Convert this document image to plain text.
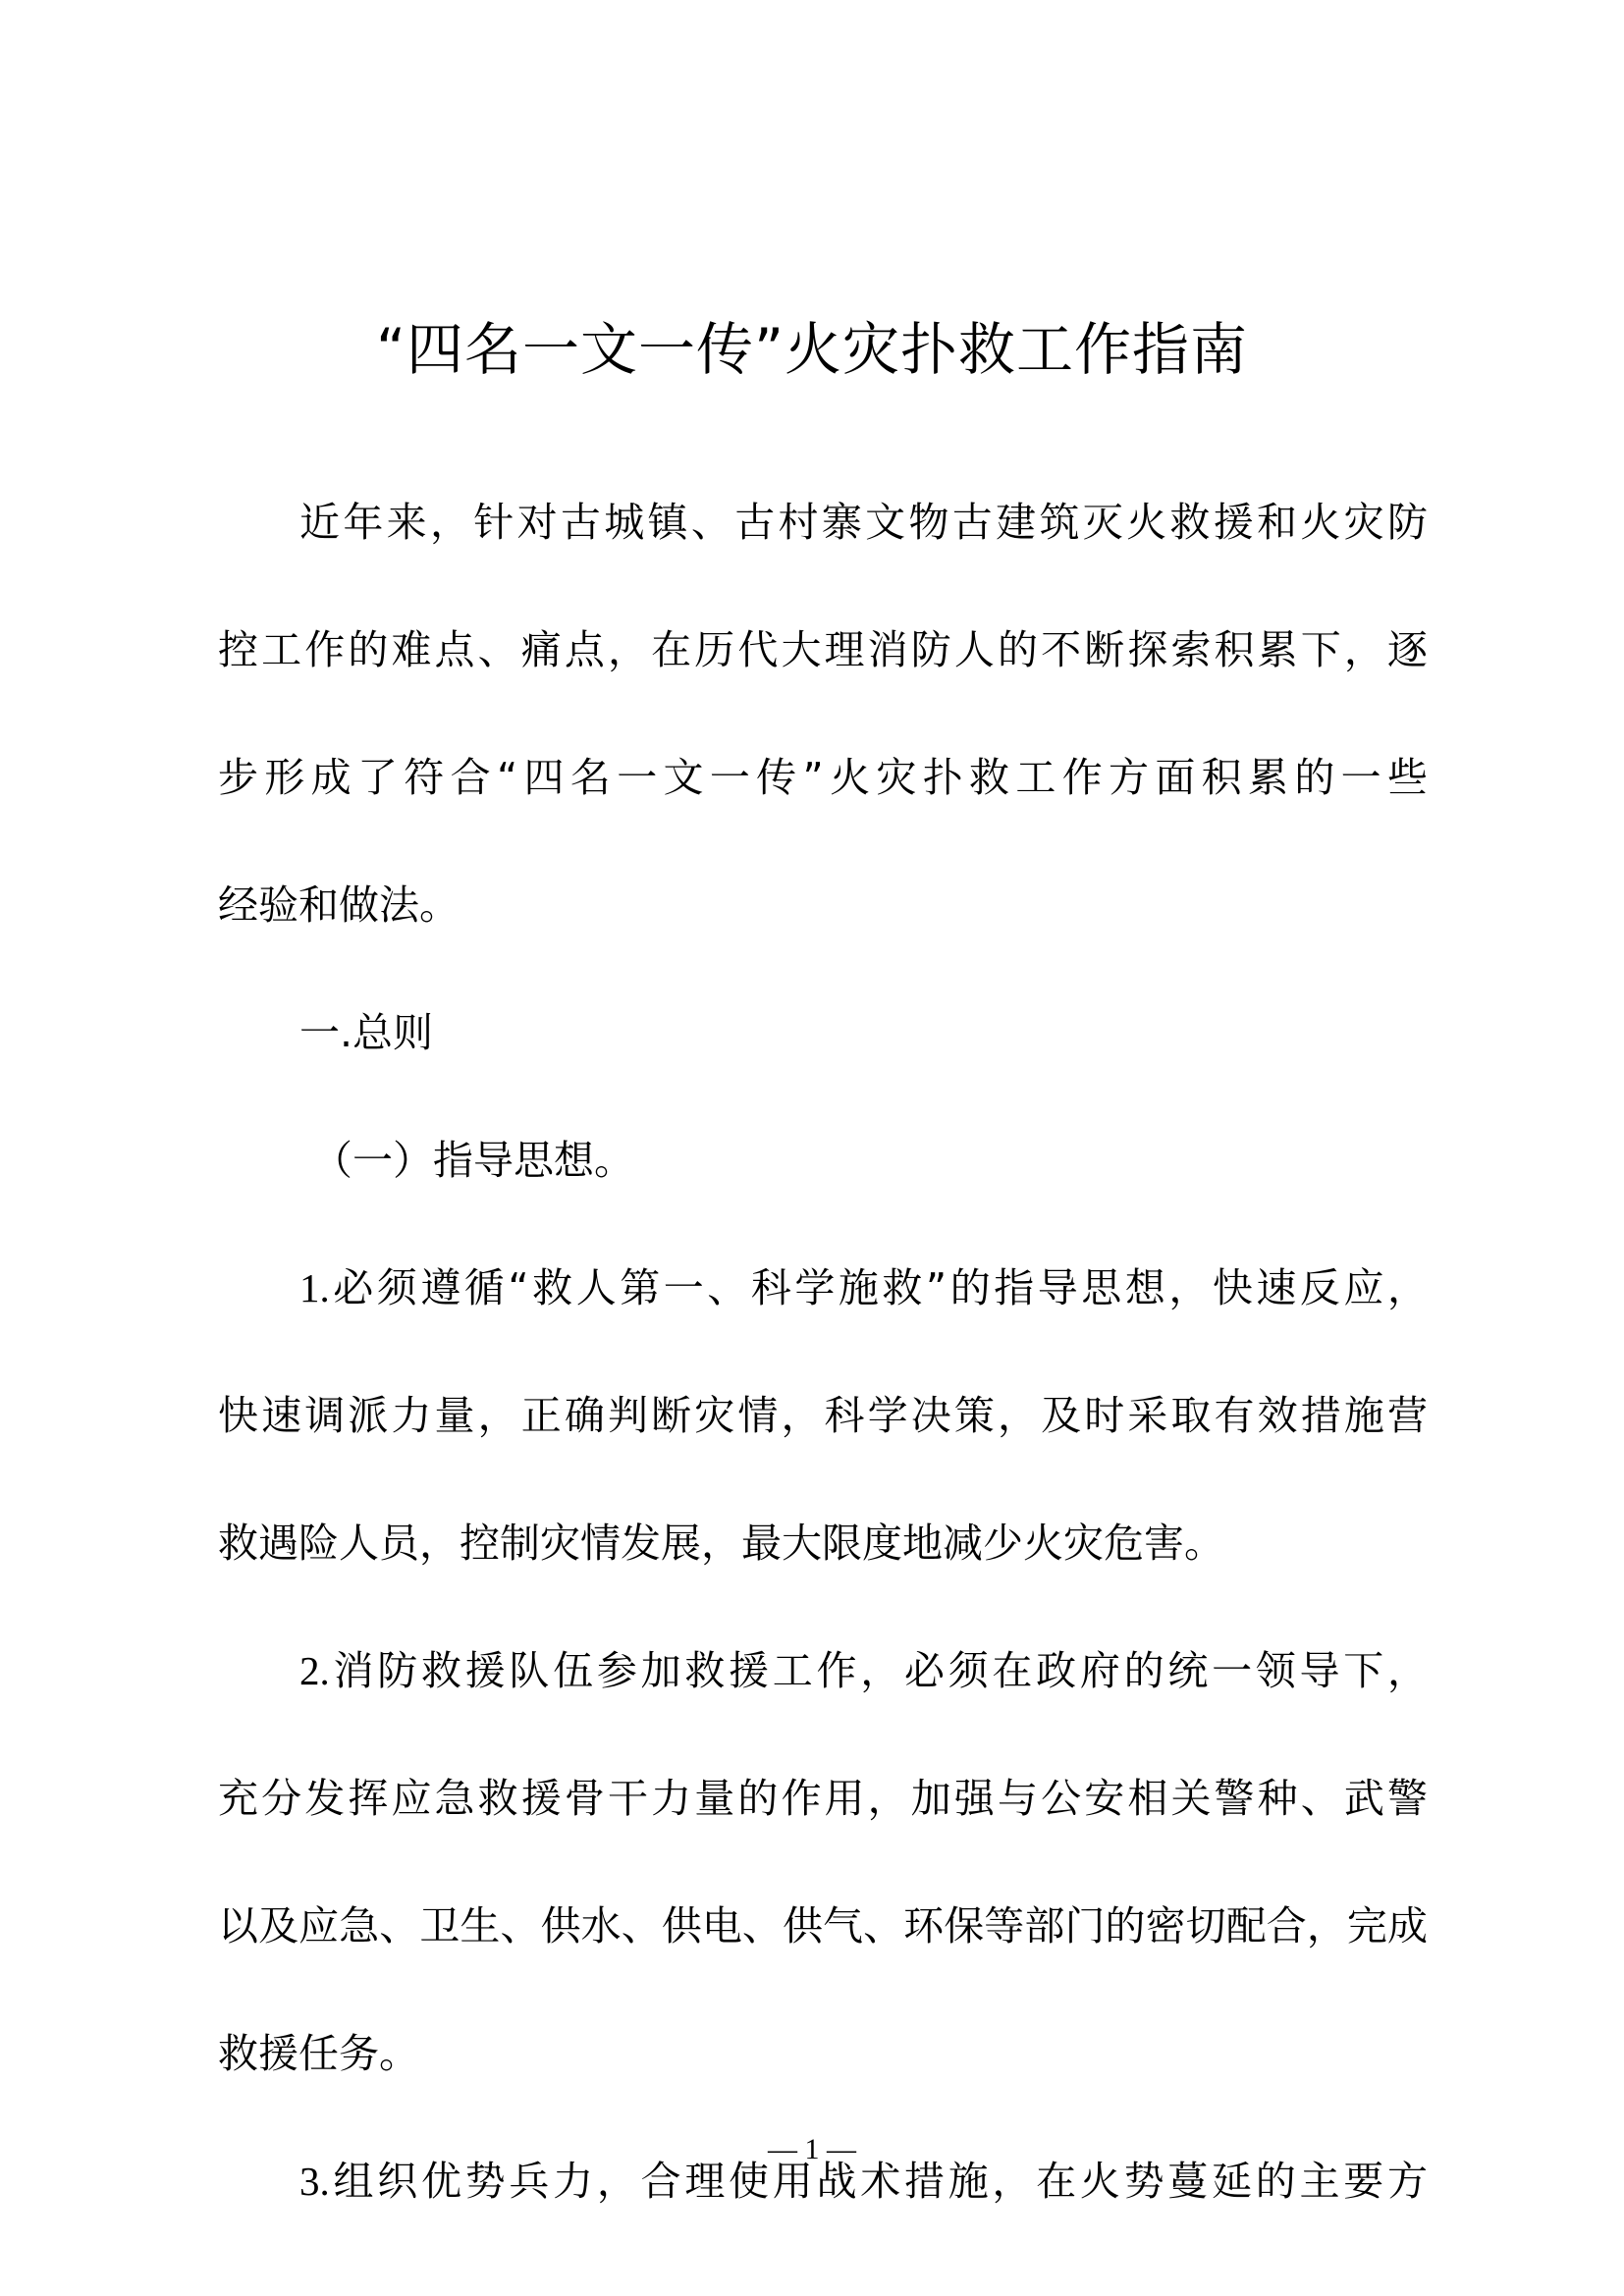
“四名一文一传”火灾扑救工作指南
近年来，针对古城镇、古村寨文物古建筑灭火救援和火灾防
控工作的难点、痛点，在历代大理消防人的不断探索积累下，逐
步形成了符合“四名一文一传”火灾扑救工作方面积累的一些
经验和做法。
一.总则
（一）指导思想。
1.必须遵循“救人第一、科学施救”的指导思想，快速反应，
快速调派力量，正确判断灾情，科学决策，及时采取有效措施营
救遇险人员，控制灾情发展，最大限度地减少火灾危害。
2.消防救援队伍参加救援工作，必须在政府的统一领导下，
充分发挥应急救援骨干力量的作用，加强与公安相关警种、武警
以及应急、卫生、供水、供电、供气、环保等部门的密切配合，完成
救援任务。
3.组织优势兵力，合理使用战术措施，在火势蔓延的主要方
— 1 —
